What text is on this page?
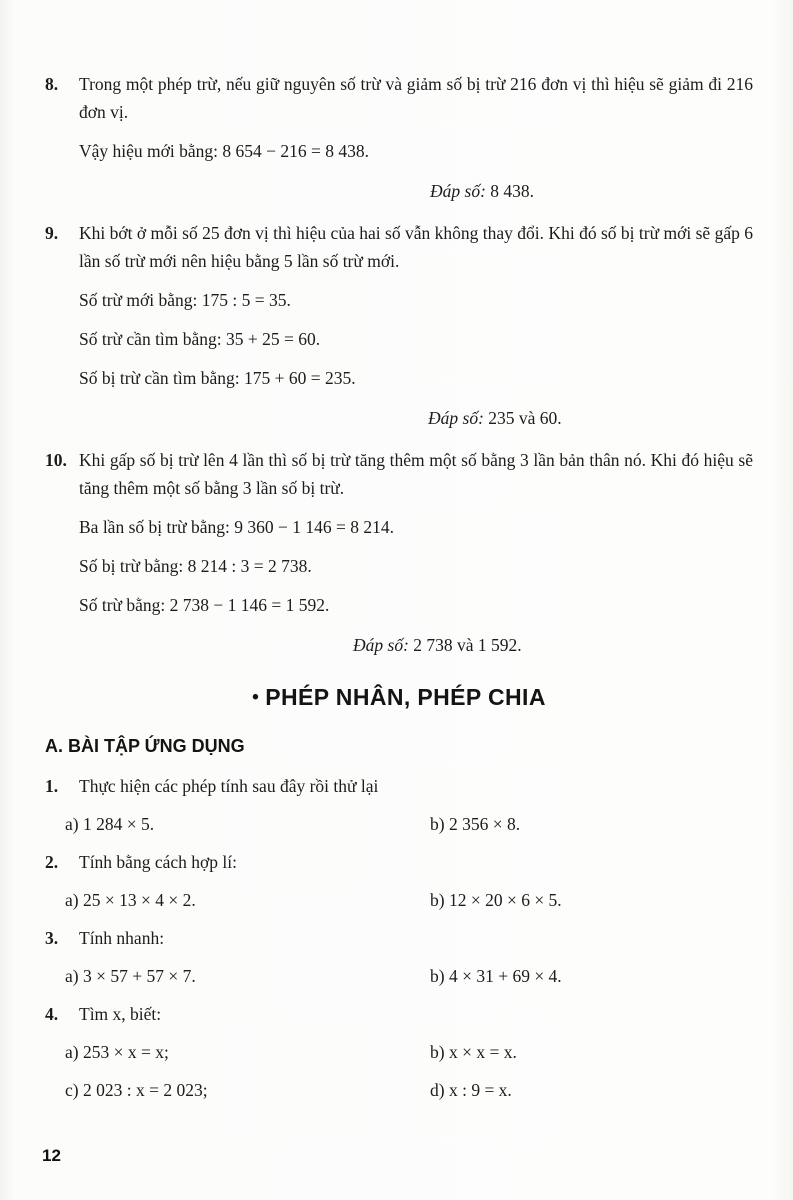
8.	Trong một phép trừ, nếu giữ nguyên số trừ và giảm số bị trừ 216 đơn vị thì hiệu sẽ giảm đi 216 đơn vị.

Vậy hiệu mới bằng: 8 654 − 216 = 8 438.

Đáp số: 8 438.

9.	Khi bớt ở mỗi số 25 đơn vị thì hiệu của hai số vẫn không thay đổi. Khi đó số bị trừ mới sẽ gấp 6 lần số trừ mới nên hiệu bằng 5 lần số trừ mới.

Số trừ mới bằng: 175 : 5 = 35.

Số trừ cần tìm bằng: 35 + 25 = 60.

Số bị trừ cần tìm bằng: 175 + 60 = 235.

Đáp số: 235 và 60.

10. Khi gấp số bị trừ lên 4 lần thì số bị trừ tăng thêm một số bằng 3 lần bản thân nó. Khi đó hiệu sẽ tăng thêm một số bằng 3 lần số bị trừ.

Ba lần số bị trừ bằng: 9 360 − 1 146 = 8 214.

Số bị trừ bằng: 8 214 : 3 = 2 738.

Số trừ bằng: 2 738 − 1 146 = 1 592.

Đáp số: 2 738 và 1 592.

• PHÉP NHÂN, PHÉP CHIA
A. BÀI TẬP ỨNG DỤNG
1.	Thực hiện các phép tính sau đây rồi thử lại
a) 1 284 × 5.	b) 2 356 × 8.
2.	Tính bằng cách hợp lí:
a) 25 × 13 × 4 × 2.	b) 12 × 20 × 6 × 5.
3.	Tính nhanh:
a) 3 × 57 + 57 × 7.	b) 4 × 31 + 69 × 4.
4.	Tìm x, biết:
a) 253 × x = x;	b) x × x = x.
c) 2 023 : x = 2 023;	d) x : 9 = x.
12
